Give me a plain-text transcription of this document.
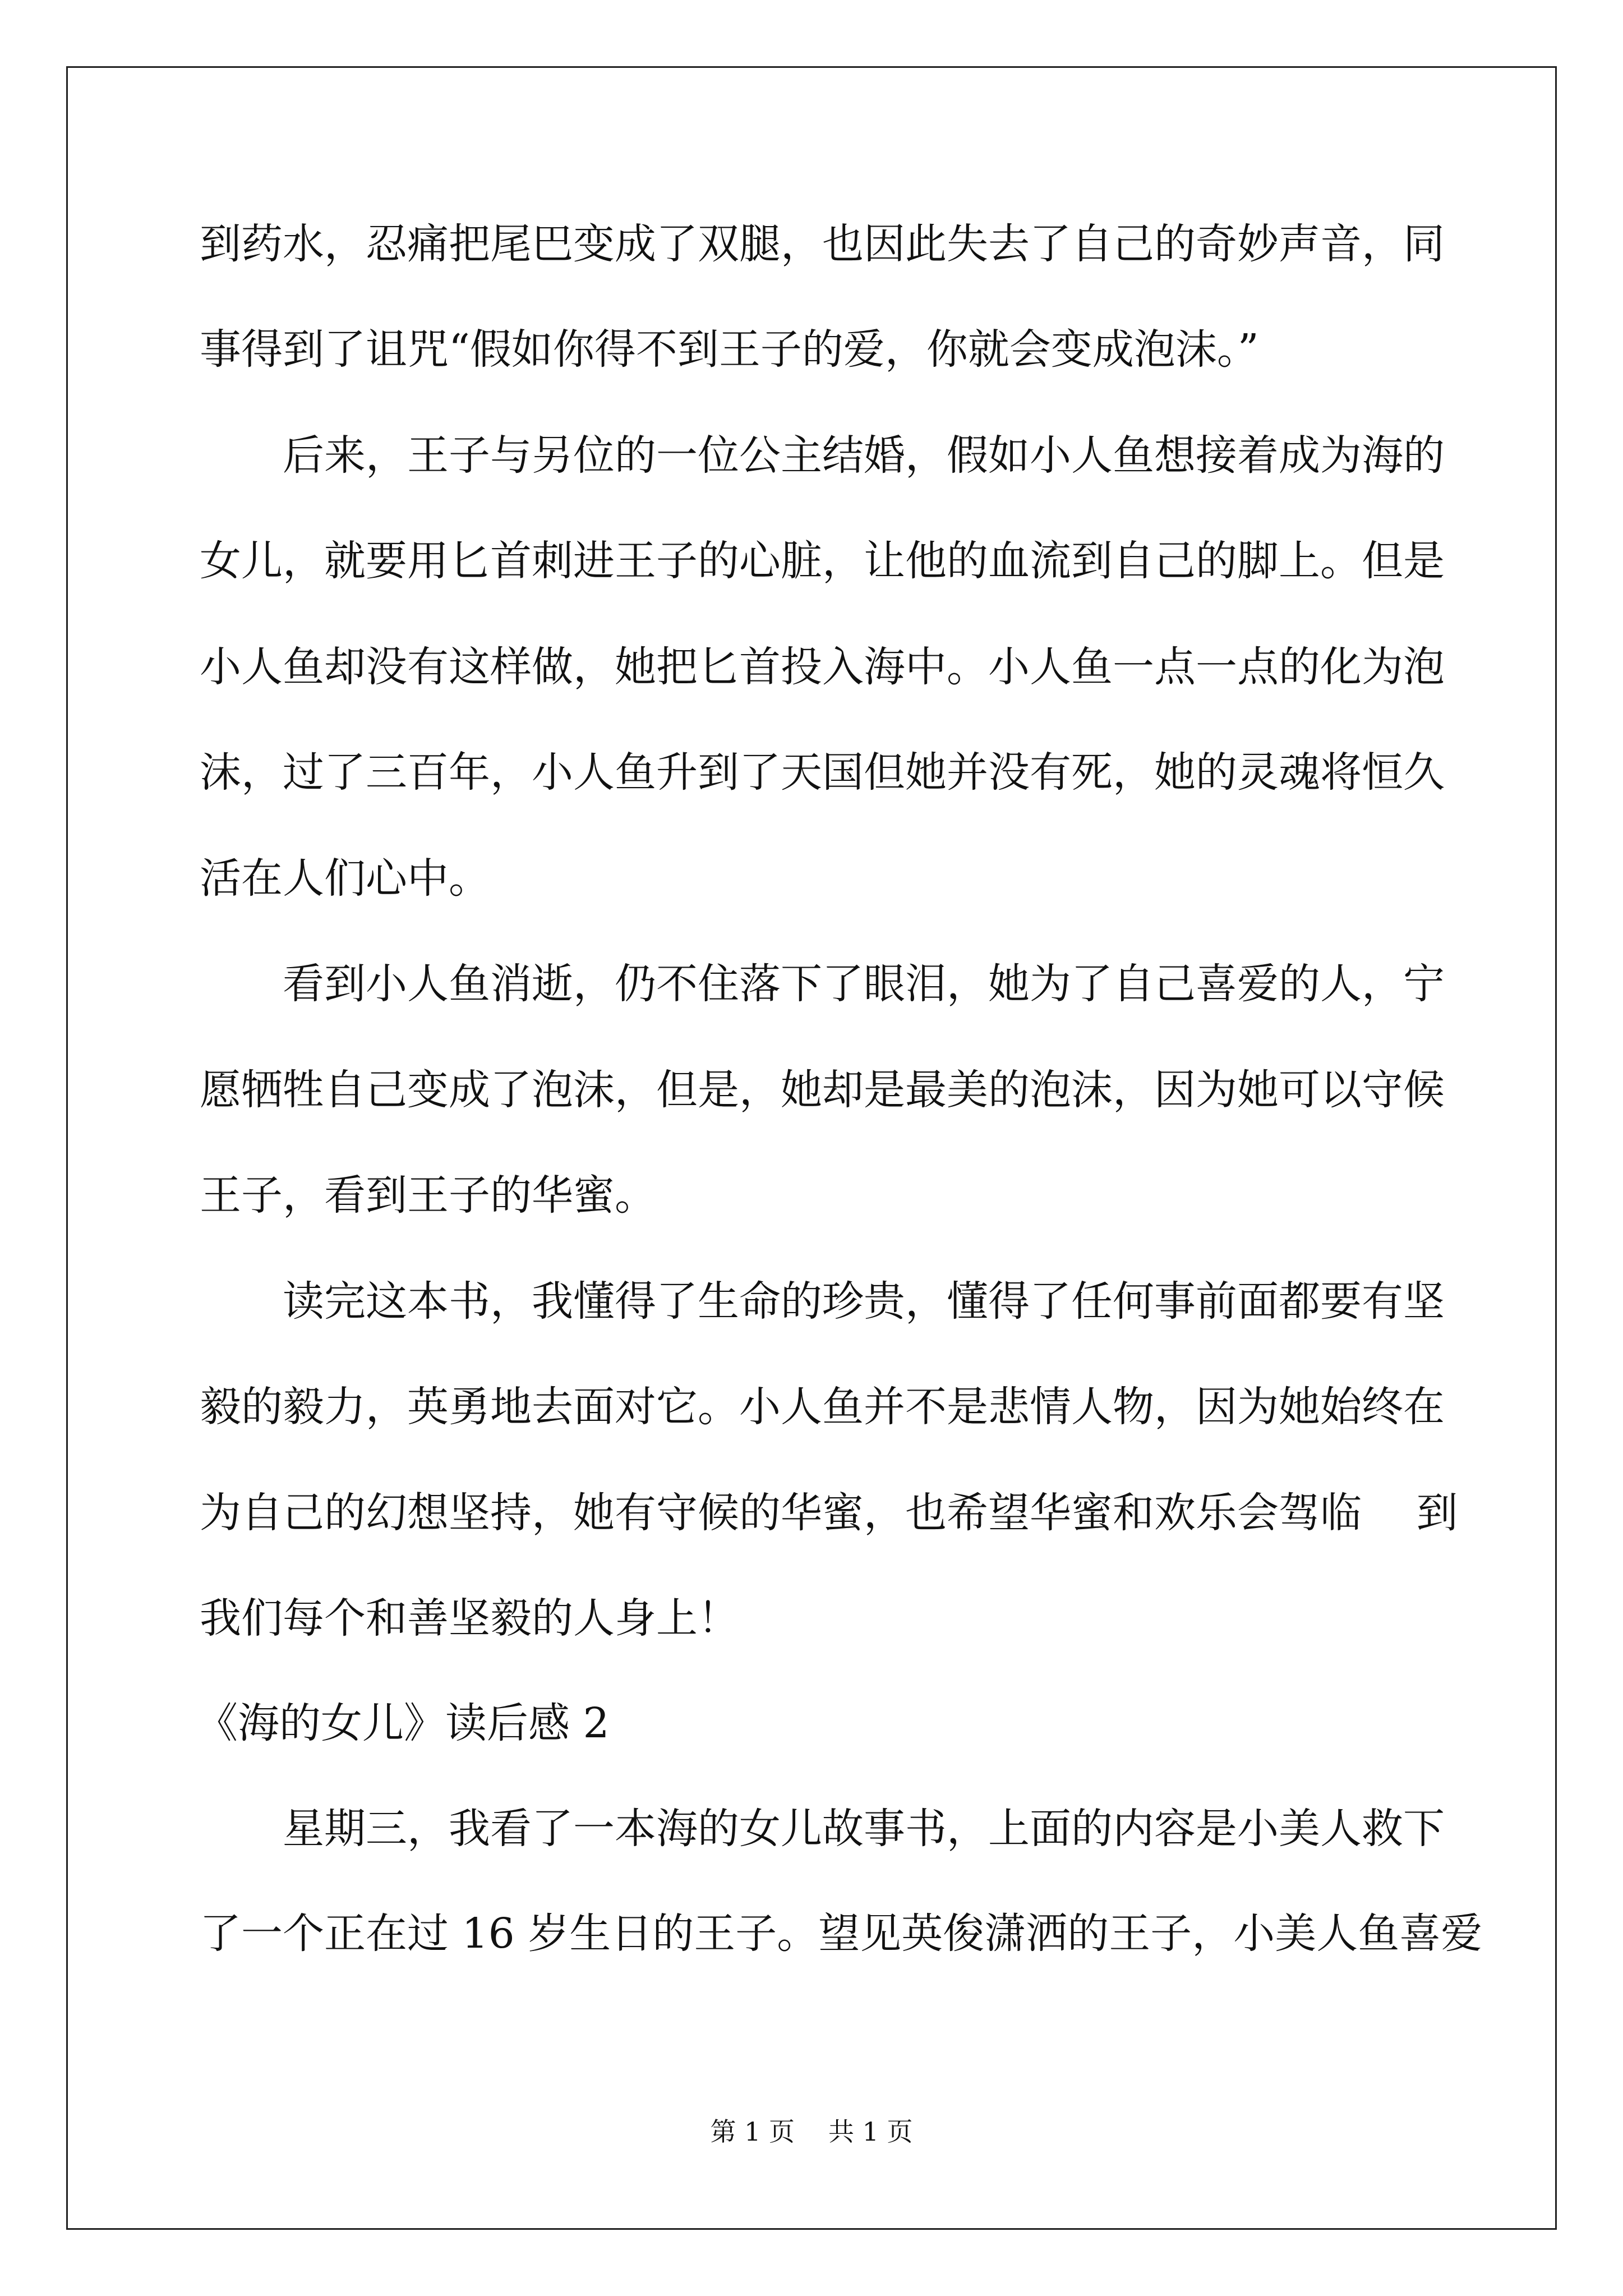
到药水，忍痛把尾巴变成了双腿，也因此失去了自己的奇妙声音，同
事得到了诅咒“假如你得不到王子的爱，你就会变成泡沫。”
后来，王子与另位的一位公主结婚，假如小人鱼想接着成为海的
女儿，就要用匕首刺进王子的心脏，让他的血流到自己的脚上。但是
小人鱼却没有这样做，她把匕首投入海中。小人鱼一点一点的化为泡
沫，过了三百年，小人鱼升到了天国但她并没有死，她的灵魂将恒久
活在人们心中。
看到小人鱼消逝，仍不住落下了眼泪，她为了自己喜爱的人，宁
愿牺牲自己变成了泡沫，但是，她却是最美的泡沫，因为她可以守候
王子，看到王子的华蜜。
读完这本书，我懂得了生命的珍贵，懂得了任何事前面都要有坚
毅的毅力，英勇地去面对它。小人鱼并不是悲情人物，因为她始终在
为自己的幻想坚持，她有守候的华蜜，也希望华蜜和欢乐会驾临　 到
我们每个和善坚毅的人身上！
《海的女儿》读后感 2
星期三，我看了一本海的女儿故事书，上面的内容是小美人救下
了一个正在过 16 岁生日的王子。望见英俊潇洒的王子，小美人鱼喜爱
第 1 页 共 1 页
